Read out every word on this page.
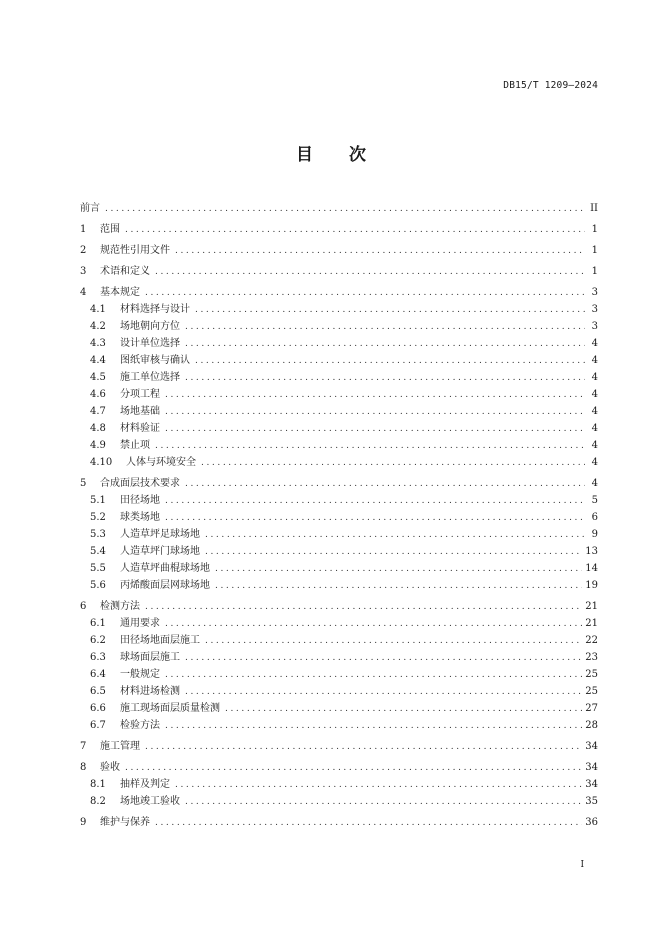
DB15/T 1209—2024
目 次
前言 .....	II
1	范围 .....	1
2	规范性引用文件 .....	1
3	术语和定义 .....	1
4	基本规定 .....	3
4.1	材料选择与设计 .....	3
4.2	场地朝向方位 .....	3
4.3	设计单位选择 .....	4
4.4	图纸审核与确认 .....	4
4.5	施工单位选择 .....	4
4.6	分项工程 .....	4
4.7	场地基础 .....	4
4.8	材料验证 .....	4
4.9	禁止项 .....	4
4.10	人体与环境安全 .....	4
5	合成面层技术要求 .....	4
5.1	田径场地 .....	5
5.2	球类场地 .....	6
5.3	人造草坪足球场地 .....	9
5.4	人造草坪门球场地 .....	13
5.5	人造草坪曲棍球场地 .....	14
5.6	丙烯酸面层网球场地 .....	19
6	检测方法 .....	21
6.1	通用要求 .....	21
6.2	田径场地面层施工 .....	22
6.3	球场面层施工 .....	23
6.4	一般规定 .....	25
6.5	材料进场检测 .....	25
6.6	施工现场面层质量检测 .....	27
6.7	检验方法 .....	28
7	施工管理 .....	34
8	验收 .....	34
8.1	抽样及判定 .....	34
8.2	场地竣工验收 .....	35
9	维护与保养 .....	36
I
